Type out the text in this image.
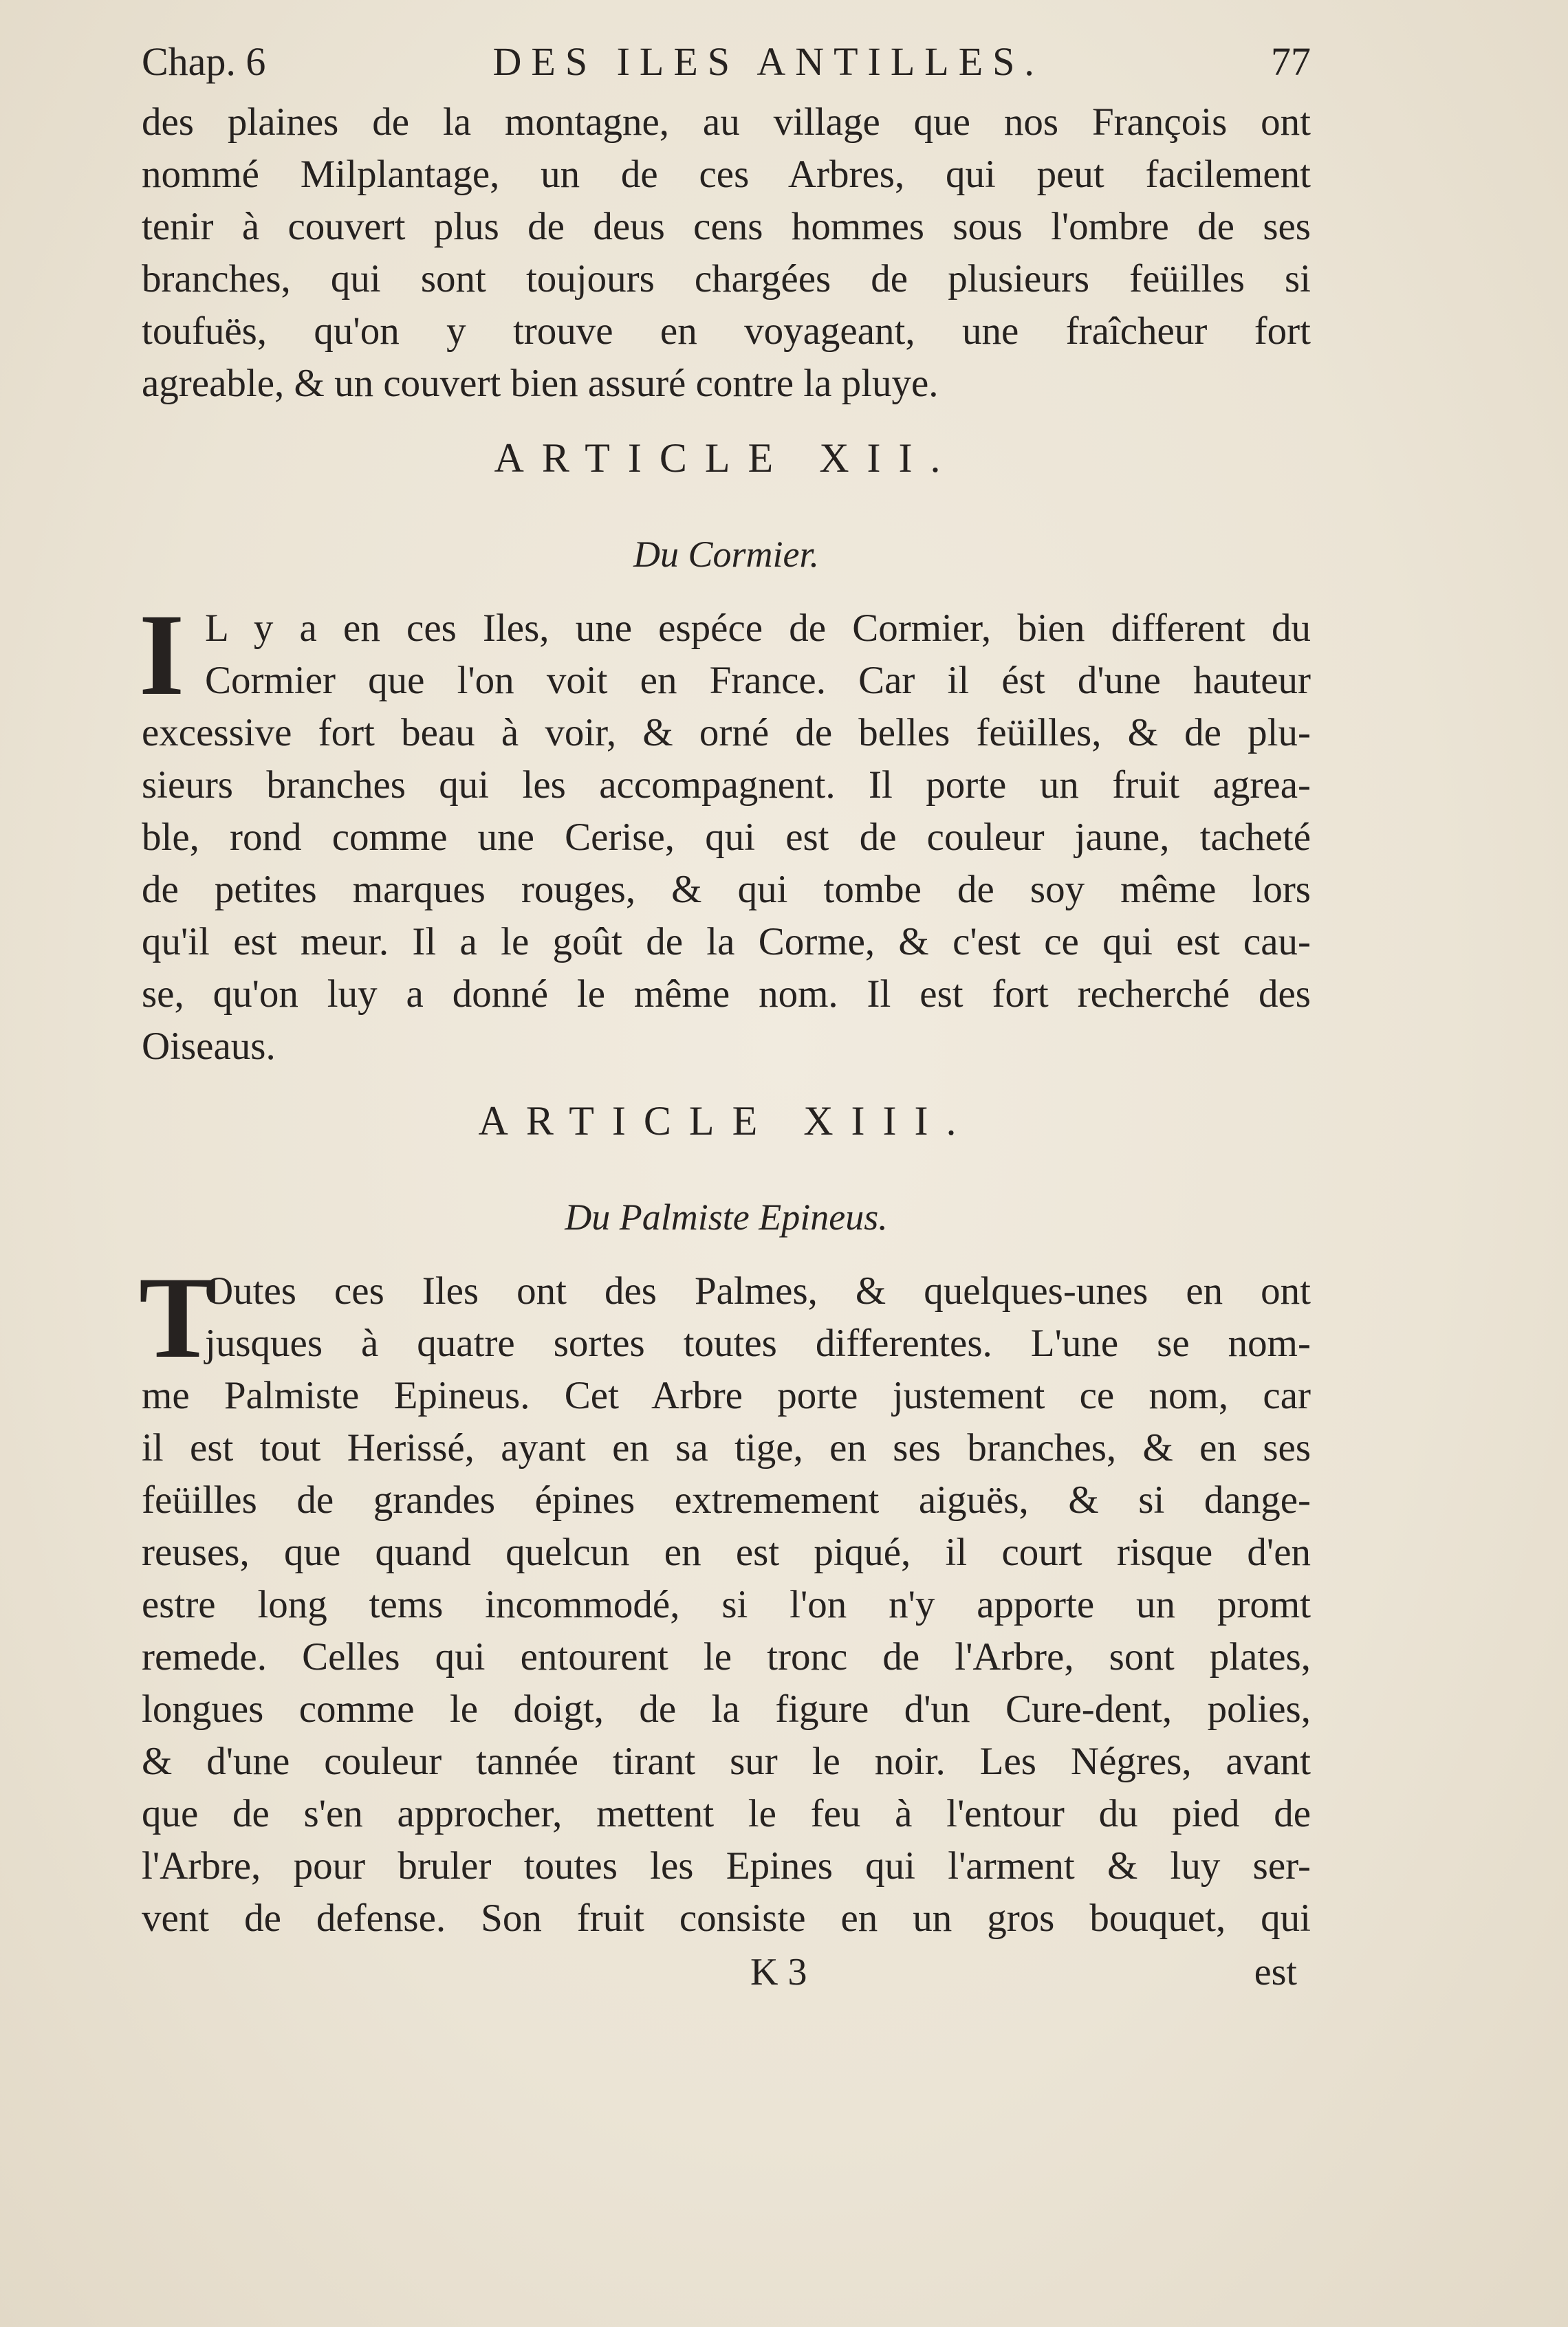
Chap. 6	DES ILES ANTILLES.	77
des plaines de la montagne, au village que nos François ont
nommé Milplantage, un de ces Arbres, qui peut facilement
tenir à couvert plus de deus cens hommes sous l'ombre de ses
branches, qui sont toujours chargées de plusieurs feüilles si
toufuës, qu'on y trouve en voyageant, une fraîcheur fort
agreable, & un couvert bien assuré contre la pluye.
ARTICLE XII.
Du Cormier.
I L y a en ces Iles, une espéce de Cormier, bien different du
Cormier que l'on voit en France. Car il ést d'une hauteur
excessive fort beau à voir, & orné de belles feüilles, & de plu-
sieurs branches qui les accompagnent. Il porte un fruit agrea-
ble, rond comme une Cerise, qui est de couleur jaune, tacheté
de petites marques rouges, & qui tombe de soy même lors
qu'il est meur. Il a le goût de la Corme, & c'est ce qui est cau-
se, qu'on luy a donné le même nom. Il est fort recherché des
Oiseaus.
ARTICLE XIII.
Du Palmiste Epineus.
T
Outes ces Iles ont des Palmes, & quelques-unes en ont
jusques à quatre sortes toutes differentes. L'une se nom-
me Palmiste Epineus. Cet Arbre porte justement ce nom, car
il est tout Herissé, ayant en sa tige, en ses branches, & en ses
feüilles de grandes épines extremement aiguës, & si dange-
reuses, que quand quelcun en est piqué, il court risque d'en
estre long tems incommodé, si l'on n'y apporte un promt
remede. Celles qui entourent le tronc de l'Arbre, sont plates,
longues comme le doigt, de la figure d'un Cure-dent, polies,
& d'une couleur tannée tirant sur le noir. Les Négres, avant
que de s'en approcher, mettent le feu à l'entour du pied de
l'Arbre, pour bruler toutes les Epines qui l'arment & luy ser-
vent de defense. Son fruit consiste en un gros bouquet, qui
K 3	est
